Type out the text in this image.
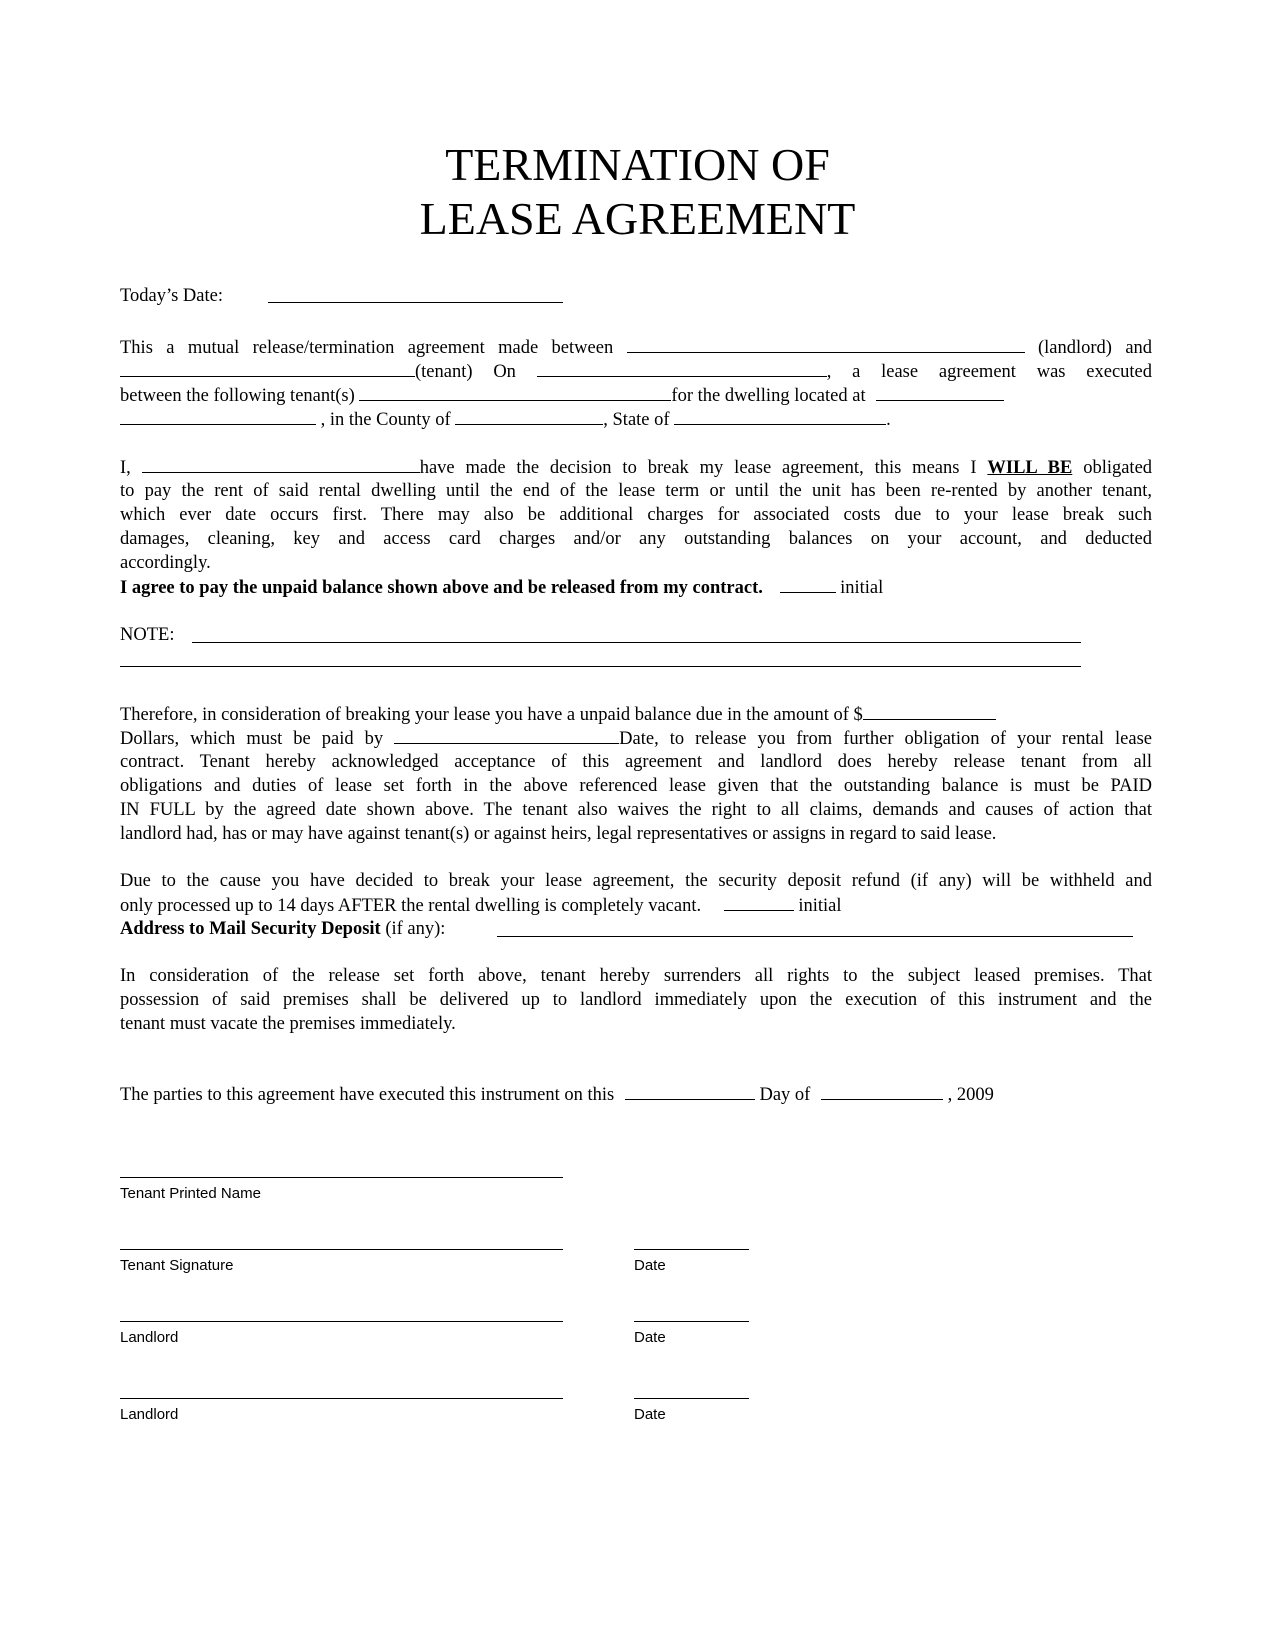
TERMINATION OF
LEASE AGREEMENT
Today’s Date:
This a mutual release/termination agreement made between	(landlord) and
(tenant) On	, a lease agreement was executed
between the following tenant(s)	for the dwelling located at
, in the County of	, State of	.
I,	have made the decision to break my lease agreement, this means I WILL BE obligated
to pay the rent of said rental dwelling until the end of the lease term or until the unit has been re-rented by another tenant,
which ever date occurs first. There may also be additional charges for associated costs due to your lease break such
damages, cleaning, key and access card charges and/or any outstanding balances on your account, and deducted
accordingly.
I agree to pay the unpaid balance shown above and be released from my contract.	initial
NOTE:
Therefore, in consideration of breaking your lease you have a unpaid balance due in the amount of $
Dollars, which must be paid by	Date, to release you from further obligation of your rental lease
contract. Tenant hereby acknowledged acceptance of this agreement and landlord does hereby release tenant from all
obligations and duties of lease set forth in the above referenced lease given that the outstanding balance is must be PAID
IN FULL by the agreed date shown above. The tenant also waives the right to all claims, demands and causes of action that
landlord had, has or may have against tenant(s) or against heirs, legal representatives or assigns in regard to said lease.
Due to the cause you have decided to break your lease agreement, the security deposit refund (if any) will be withheld and
only processed up to 14 days AFTER the rental dwelling is completely vacant.	initial
Address to Mail Security Deposit (if any):
In consideration of the release set forth above, tenant hereby surrenders all rights to the subject leased premises. That
possession of said premises shall be delivered up to landlord immediately upon the execution of this instrument and the
tenant must vacate the premises immediately.
The parties to this agreement have executed this instrument on this	Day of	, 2009
Tenant Printed Name
Tenant Signature	Date
Landlord	Date
Landlord	Date
